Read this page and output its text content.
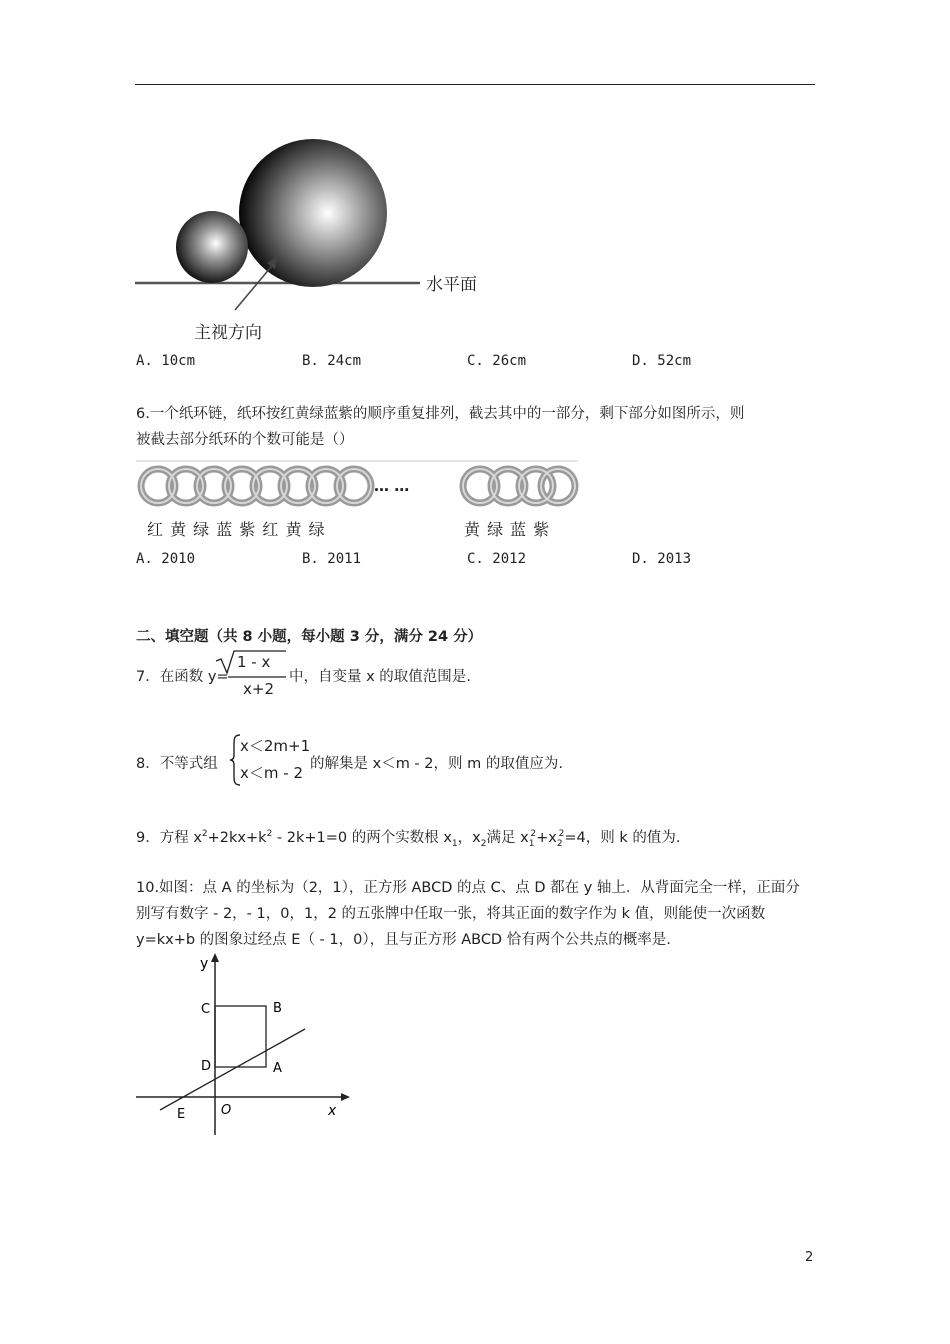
水平面
主视方向
A. 10cm	B. 24cm	C. 26cm	D. 52cm
6.一个纸环链，纸环按红黄绿蓝紫的顺序重复排列，截去其中的一部分，剩下部分如图所示，则
被截去部分纸环的个数可能是（）
… …
红 黄 绿 蓝 紫 红 黄 绿	黄 绿 蓝 紫
A. 2010	B. 2011	C. 2012	D. 2013
二、填空题（共 8 小题，每小题 3 分，满分 24 分）
7．在函数 y=
1 - x
x+2
中，自变量 x 的取值范围是.
8．不等式组
x＜2m+1
x＜m - 2 的解集是 x＜m - 2，则 m 的取值应为.
9．方程 $x^2+2kx+k^2 - 2k+1=0$ 的两个实数根 $x_1$，$x_2$满足 $x_1^2+x_2^2=4$，则 k 的值为.
10.如图：点 A 的坐标为（2，1），正方形 ABCD 的点 C、点 D 都在 y 轴上．从背面完全一样，正面分
别写有数字 - 2，- 1，0，1，2 的五张牌中任取一张，将其正面的数字作为 k 值，则能使一次函数
y=kx+b 的图象过经点 E（ - 1，0），且与正方形 ABCD 恰有两个公共点的概率是.
y
x
O
C	B
D	A
E
2
